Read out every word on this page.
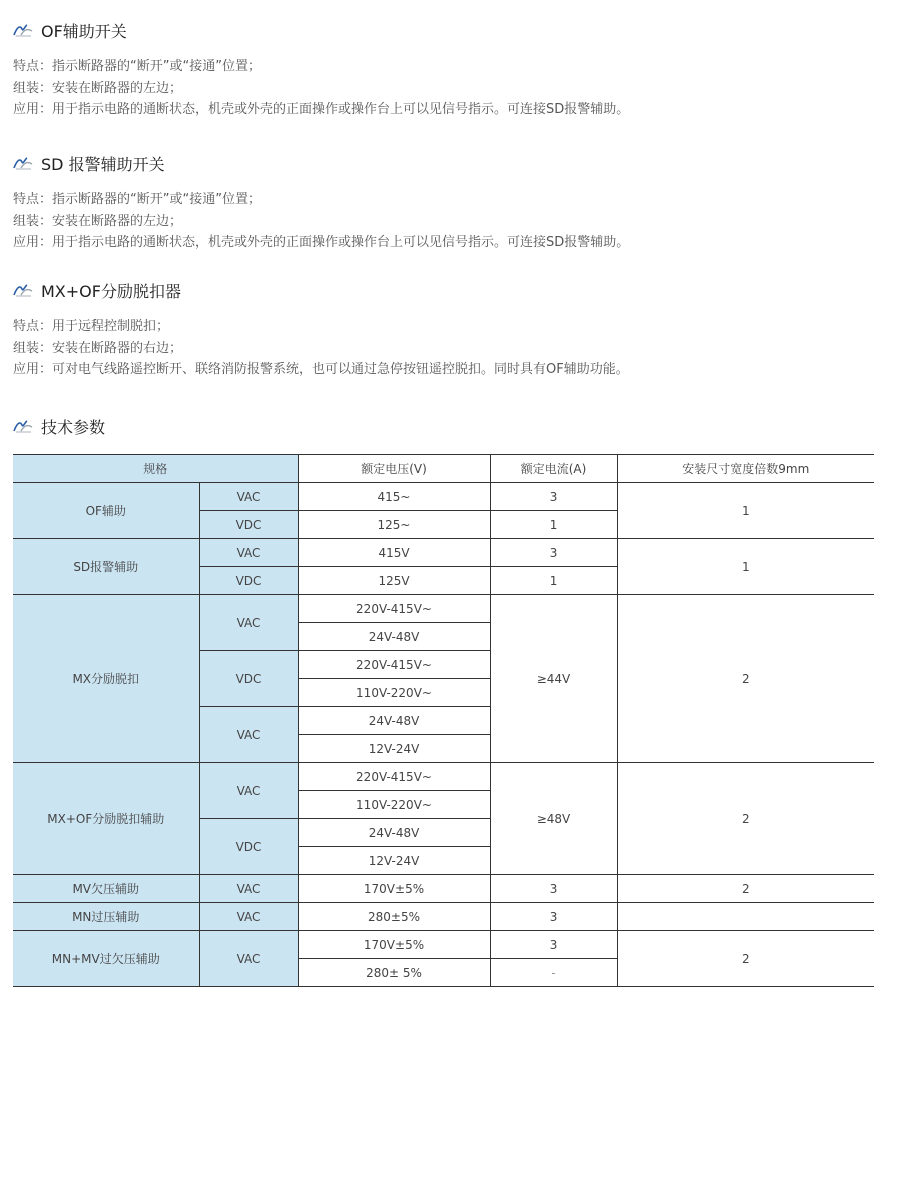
OF辅助开关
特点：指示断路器的“断开”或“接通”位置；
组装：安装在断路器的左边；
应用：用于指示电路的通断状态，机壳或外壳的正面操作或操作台上可以见信号指示。可连接SD报警辅助。
SD 报警辅助开关
特点：指示断路器的“断开”或“接通”位置；
组装：安装在断路器的左边；
应用：用于指示电路的通断状态，机壳或外壳的正面操作或操作台上可以见信号指示。可连接SD报警辅助。
MX+OF分励脱扣器
特点：用于远程控制脱扣；
组装：安装在断路器的右边；
应用：可对电气线路遥控断开、联络消防报警系统，也可以通过急停按钮遥控脱扣。同时具有OF辅助功能。
技术参数
规格		额定电压(V)	额定电流(A)	安装尺寸宽度倍数9mm
OF辅助	VAC	415~	3	1
	VDC	125~	1	
SD报警辅助	VAC	415V	3	1
	VDC	125V	1	
MX分励脱扣	VAC	220V-415V~	≥44V	2
		24V-48V		
	VDC	220V-415V~		
		110V-220V~		
	VAC	24V-48V		
		12V-24V		
MX+OF分励脱扣辅助	VAC	220V-415V~	≥48V	2
		110V-220V~		
	VDC	24V-48V		
		12V-24V		
MV欠压辅助	VAC	170V±5%	3	2
MN过压辅助	VAC	280±5%	3	
MN+MV过欠压辅助	VAC	170V±5%	3	2
		280± 5%	-	
